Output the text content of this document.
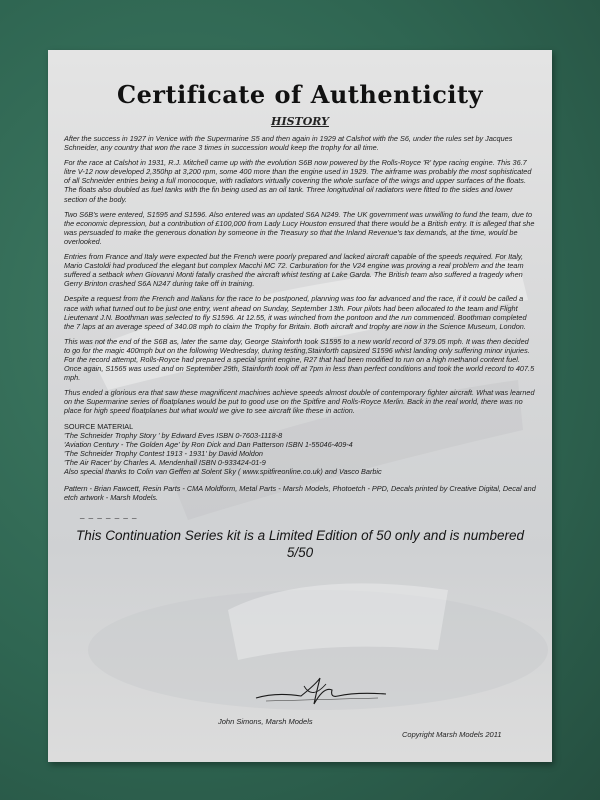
Certificate of Authenticity
HISTORY

After the success in 1927 in Venice with the Supermarine S5 and then again in 1929 at Calshot with the S6, under the rules set by Jacques Schneider, any country that won the race 3 times in succession would keep the trophy for all time.

For the race at Calshot in 1931, R.J. Mitchell came up with the evolution S6B now powered by the Rolls-Royce 'R' type racing engine. This 36.7 litre V-12 now developed 2,350hp at 3,200 rpm, some 400 more than the engine used in 1929. The airframe was probably the most sophisticated of all Schneider entries being a full monocoque, with radiators virtually covering the whole surface of the wings and upper surfaces of the floats. The floats also doubled as fuel tanks with the fin being used as an oil tank. Three longitudinal oil radiators were fitted to the sides and lower section of the body.

Two S6B's were entered, S1595 and S1596. Also entered was an updated S6A N249. The UK government was unwilling to fund the team, due to the economic depression, but a contribution of £100,000 from Lady Lucy Houston ensured that there would be a British entry. It is alleged that she was persuaded to make the generous donation by someone in the Treasury so that the Inland Revenue's tax demands, at the time, would be overlooked.

Entries from France and Italy were expected but the French were poorly prepared and lacked aircraft capable of the speeds required. For Italy, Mario Castoldi had produced the elegant but complex Macchi MC 72. Carburation for the V24 engine was proving a real problem and the team suffered a setback when Giovanni Monti fatally crashed the aircraft whist testing at Lake Garda. The British team also suffered a tragedy when Gerry Brinton crashed S6A N247 during take off in training.

Despite a request from the French and Italians for the race to be postponed, planning was too far advanced and the race, if it could be called a race with what turned out to be just one entry, went ahead on Sunday, September 13th. Four pilots had been allocated to the team and Flight Lieutenant J.N. Boothman was selected to fly S1596. At 12.55, it was winched from the pontoon and the run commenced. Boothman completed the 7 laps at an average speed of 340.08 mph to claim the Trophy for Britain. Both aircraft and trophy are now in the Science Museum, London.

This was not the end of the S6B as, later the same day, George Stainforth took S1595 to a new world record of 379.05 mph. It was then decided to go for the magic 400mph but on the following Wednesday, during testing,Stainforth capsized S1596 whist landing only suffering minor injuries. For the record attempt, Rolls-Royce had prepared a special sprint engine, R27 that had been modified to run on a high methanol content fuel. Once again, S1565 was used and on September 29th, Stainforth took off at 7pm in less than perfect conditions and took the world record to 407.5 mph.

Thus ended a glorious era that saw these magnificent machines achieve speeds almost double of contemporary fighter aircraft. What was learned on the Supermarine series of floatplanes would be put to good use on the Spitfire and Rolls-Royce Merlin. Back in the real world, there was no place for high speed floatplanes but what would we give to see aircraft like these in action.

SOURCE MATERIAL
'The Schneider Trophy Story ' by Edward Eves ISBN 0-7603-1118-8
'Aviation Century - The Golden Age' by Ron Dick and Dan Patterson ISBN 1-55046-409-4
'The Schneider Trophy Contest 1913 - 1931' by David Moldon
'The Air Racer' by Charles A. Mendenhall ISBN 0-933424-01-9
Also special thanks to Colin van Geffen at Solent Sky ( www.spitfireonline.co.uk) and Vasco Barbic

Pattern - Brian Fawcett, Resin Parts - CMA Moldform, Metal Parts - Marsh Models, Photoetch - PPD, Decals printed by Creative Digital, Decal and etch artwork - Marsh Models.

_ _ _ _ _ _ _

This Continuation Series kit is a Limited Edition of 50 only and is numbered 5/50

John Simons, Marsh Models
Copyright Marsh Models 2011
